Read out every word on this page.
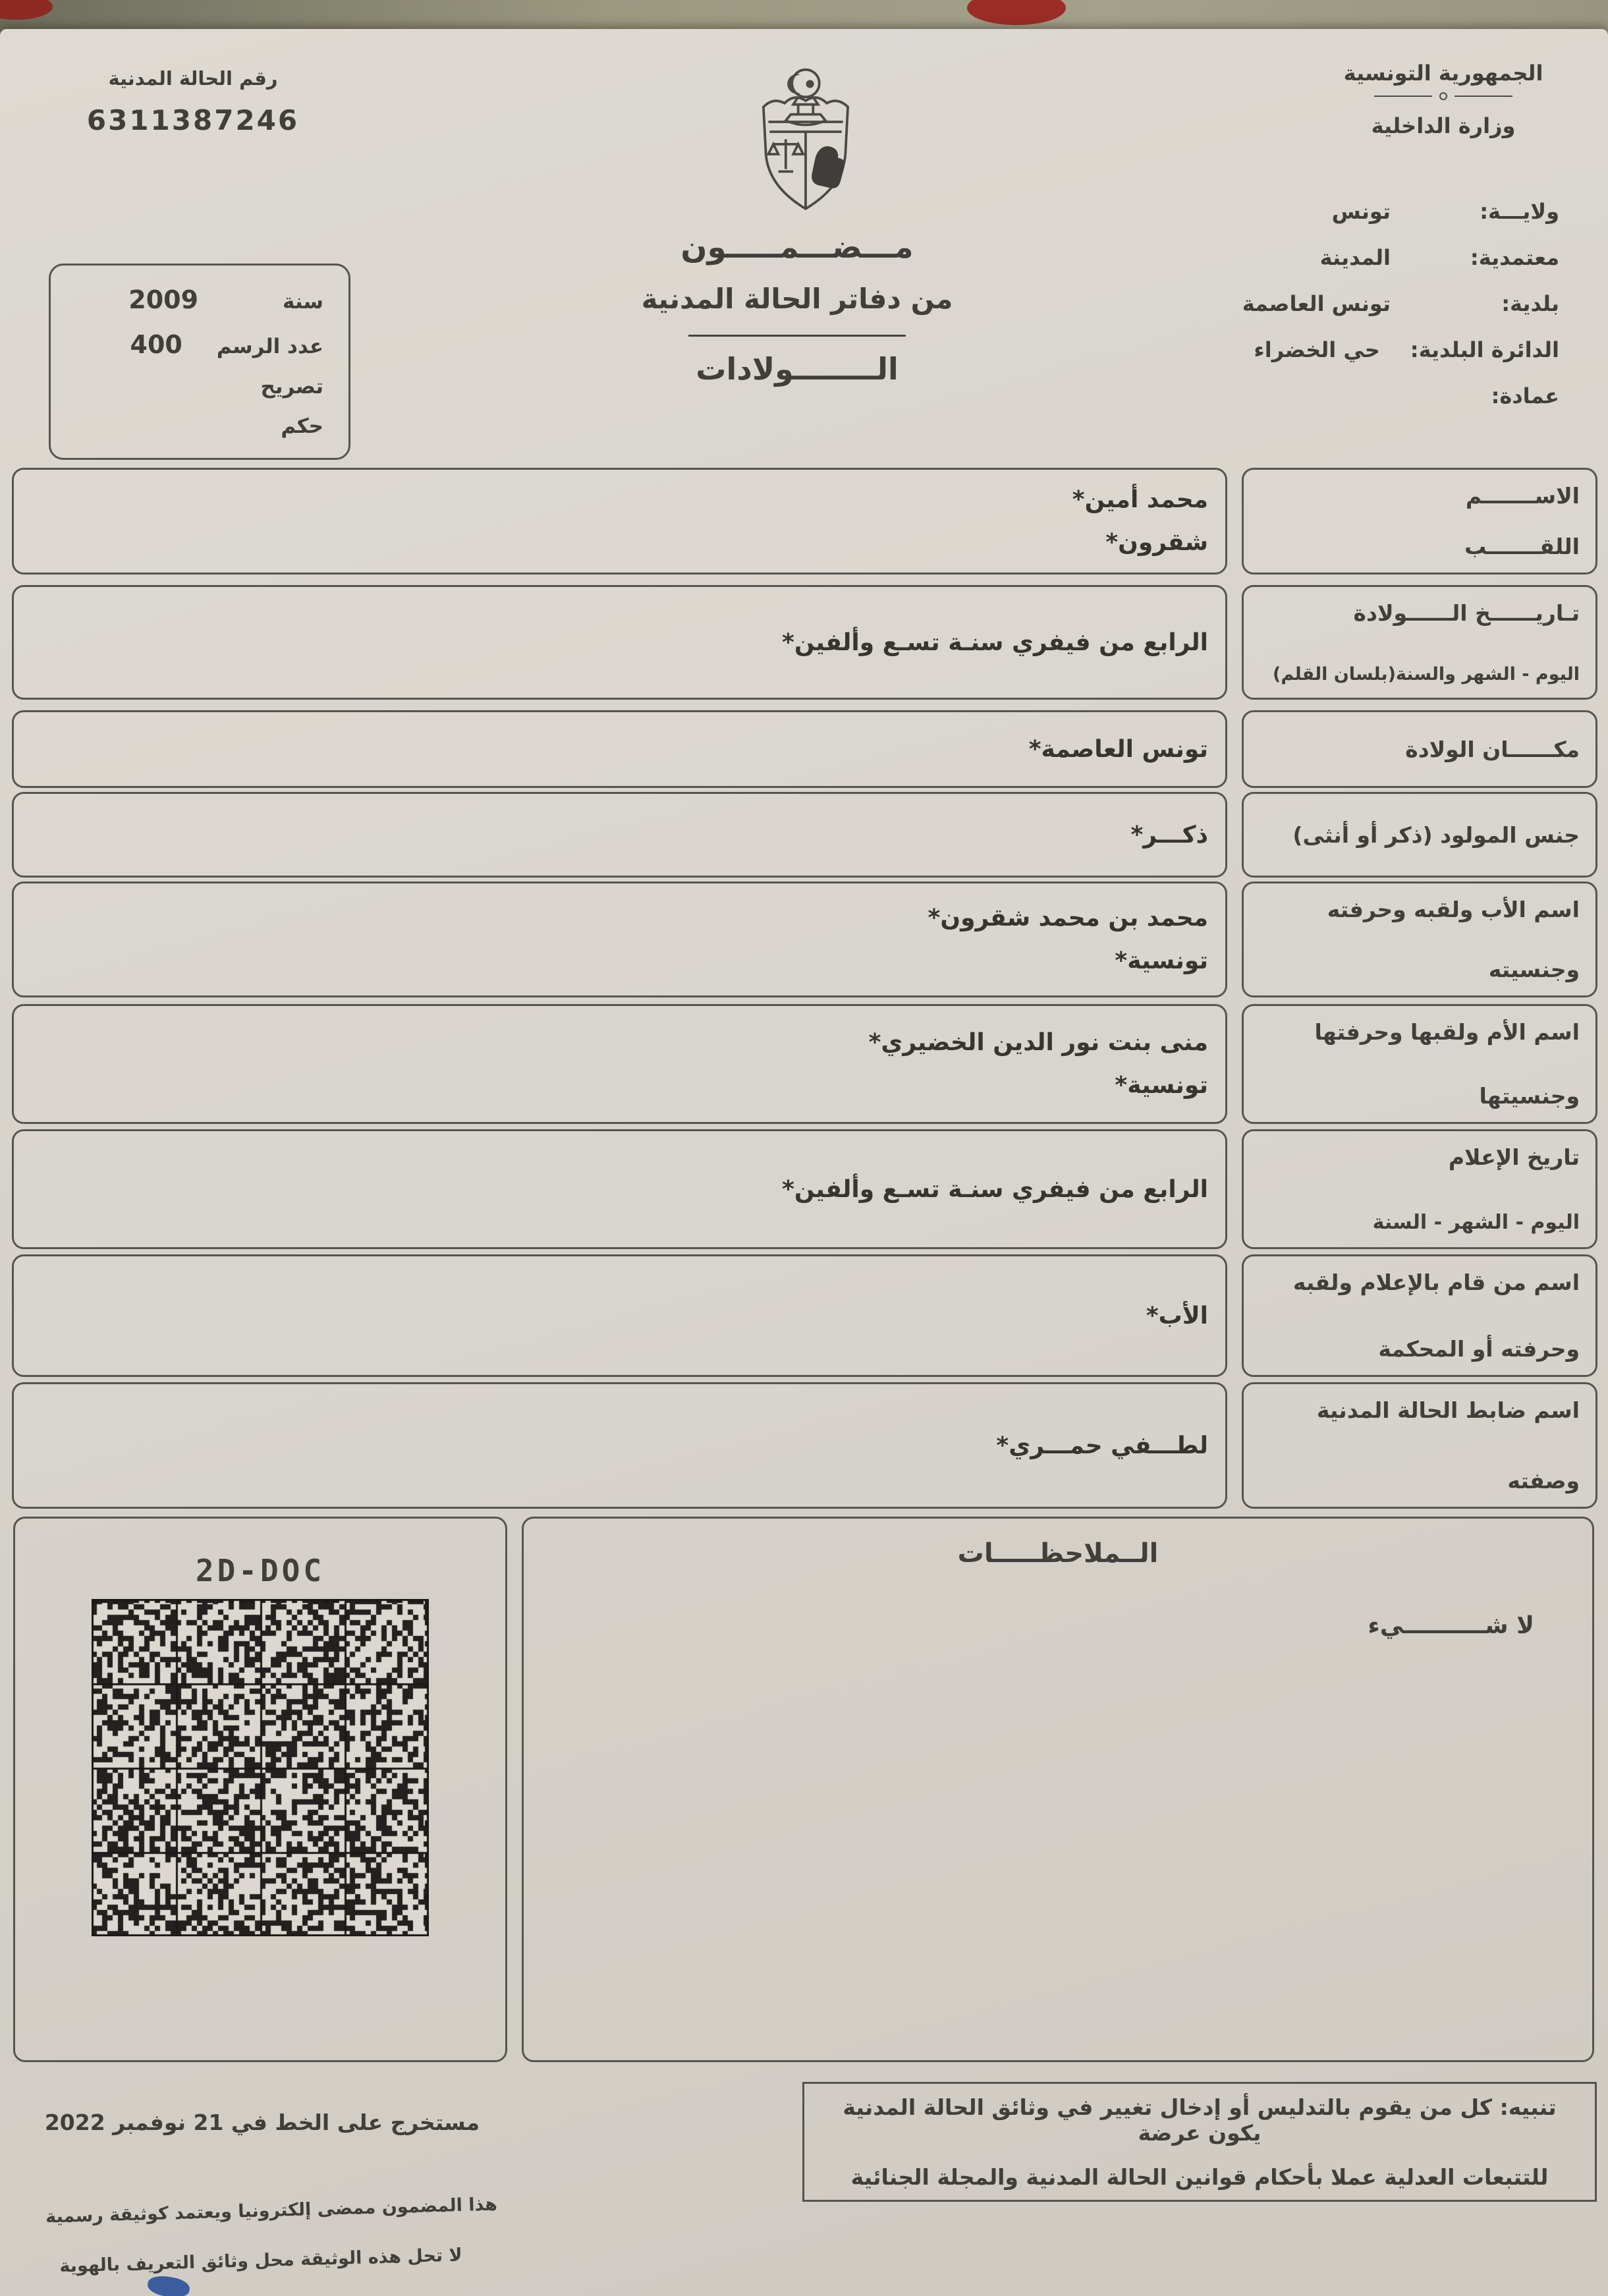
الجمهورية التونسية
وزارة الداخلية
رقم الحالة المدنية
6311387246
مـــضـــمـــــون
من دفاتر الحالة المدنية
الــــــــولادات
ولايـــة:
تونس
معتمدية:
المدينة
بلدية:
تونس العاصمة
الدائرة البلدية:
حي الخضراء
عمادة:
سنة
2009
عدد الرسم
400
تصريح
حكم
الاســـــــم
اللقـــــــب
محمد أمين*
شقرون*
تـاريــــــخ الــــــولادة
اليوم - الشهر والسنة(بلسان القلم)
الرابع من فيفري سنـة تسـع وألفين*
مكــــــان الولادة
تونس العاصمة*
جنس المولود (ذكر أو أنثى)
ذكـــر*
اسم الأب ولقبه وحرفته
وجنسيته
محمد بن محمد شقرون*
تونسية*
اسم الأم ولقبها وحرفتها
وجنسيتها
منى بنت نور الدين الخضيري*
تونسية*
تاريخ الإعلام
اليوم - الشهر - السنة
الرابع من فيفري سنـة تسـع وألفين*
اسم من قام بالإعلام ولقبه
وحرفته أو المحكمة
الأب*
اسم ضابط الحالة المدنية
وصفته
لطـــفي حمـــري*
2D-DOC	الــملاحظـــــات
لا شــــــــــيء
تنبيه: كل من يقوم بالتدليس أو إدخال تغيير في وثائق الحالة المدنية يكون عرضة
للتتبعات العدلية عملا بأحكام قوانين الحالة المدنية والمجلة الجنائية
مستخرج على الخط في 21 نوفمبر 2022
هذا المضمون ممضى إلكترونيا ويعتمد كوثيقة رسمية
لا تحل هذه الوثيقة محل وثائق التعريف بالهوية
